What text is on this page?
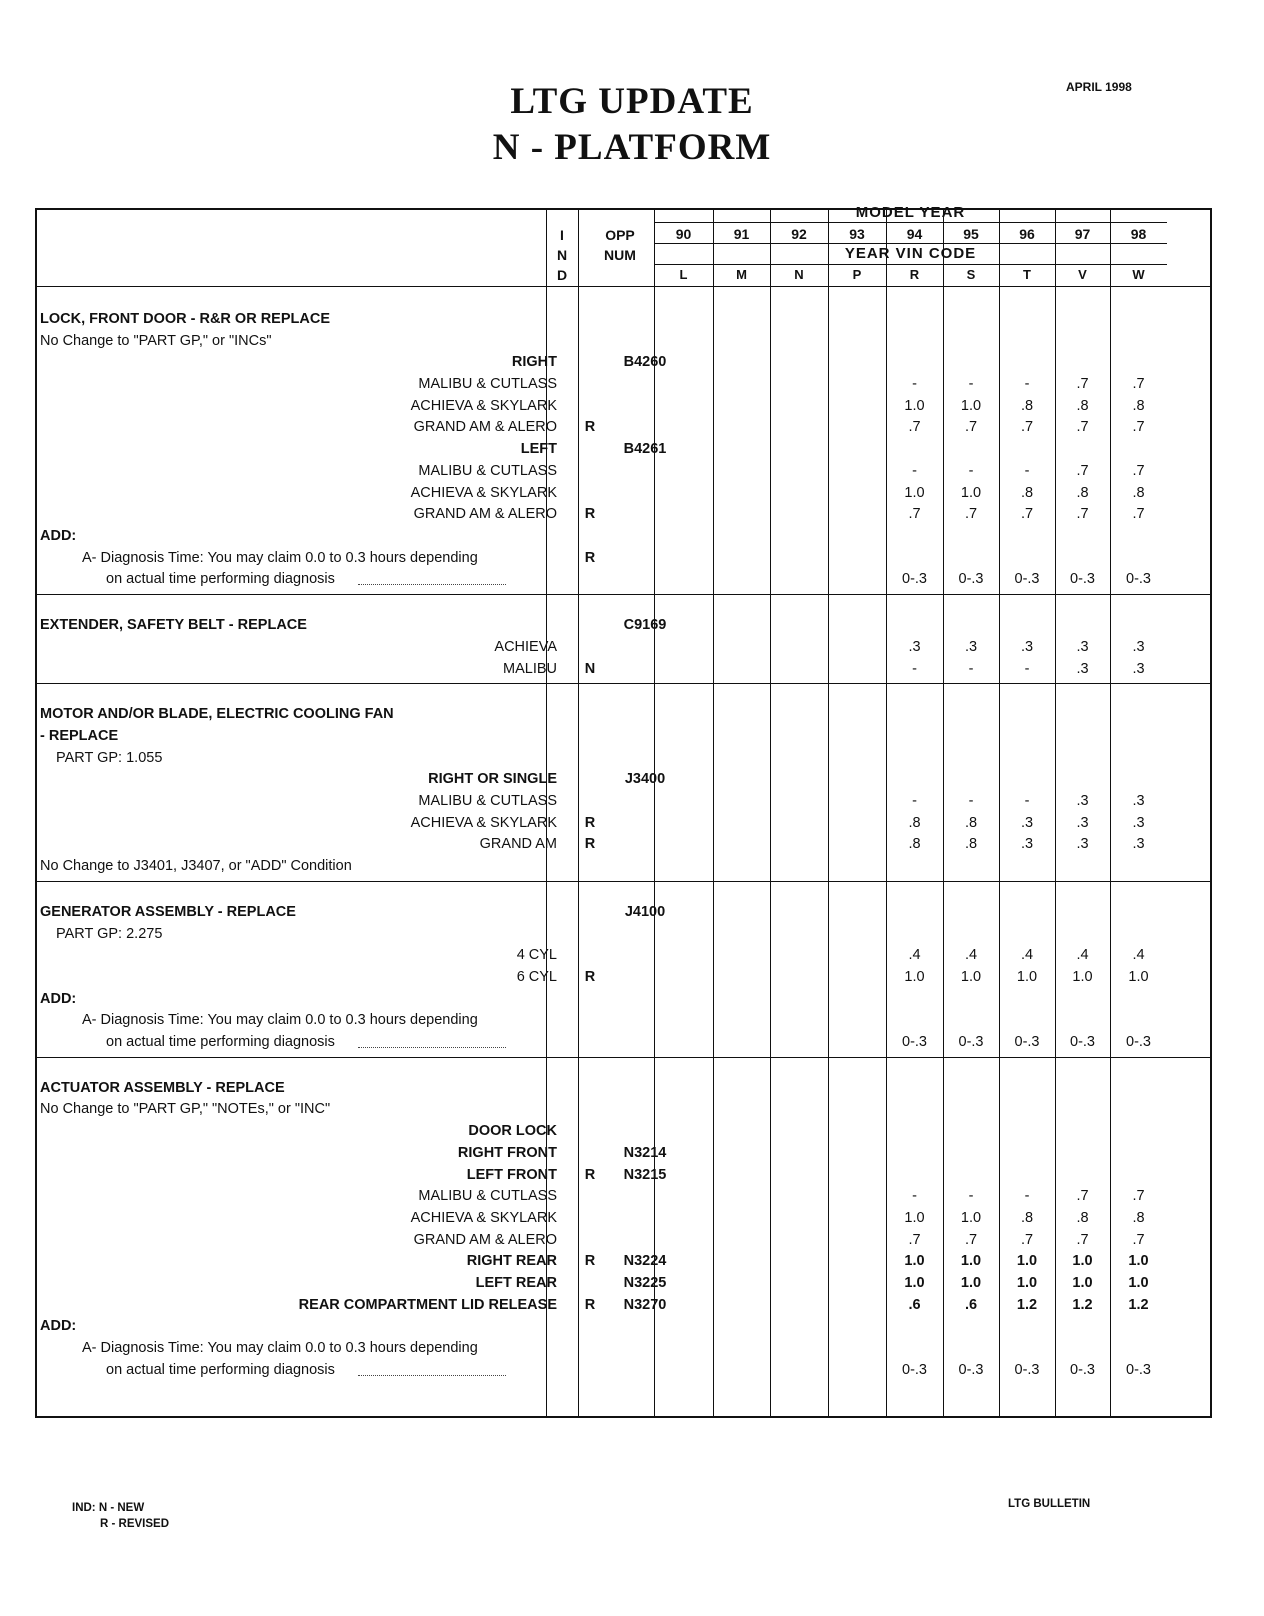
LTG UPDATE
N - PLATFORM
APRIL 1998
I
N
D
OPP
NUM
MODEL YEAR
YEAR VIN CODE
90	91	92	93	94	95	96	97	98
L	M	N	P	R	S	T	V	W
LOCK, FRONT DOOR - R&R OR REPLACE
No Change to "PART GP," or "INCs"
RIGHT	B4260
MALIBU & CUTLASS	-	-	-	.7	.7
ACHIEVA & SKYLARK	1.0	1.0	.8	.8	.8
GRAND AM & ALERO	R	.7	.7	.7	.7	.7
LEFT	B4261
MALIBU & CUTLASS	-	-	-	.7	.7
ACHIEVA & SKYLARK	1.0	1.0	.8	.8	.8
GRAND AM & ALERO	R	.7	.7	.7	.7	.7
ADD:
A- Diagnosis Time: You may claim 0.0 to 0.3 hours depending	R
on actual time performing diagnosis	0-.3	0-.3	0-.3	0-.3	0-.3
EXTENDER, SAFETY BELT - REPLACE	C9169
ACHIEVA	.3	.3	.3	.3	.3
MALIBU	N	-	-	-	.3	.3
MOTOR AND/OR BLADE, ELECTRIC COOLING FAN
- REPLACE
PART GP: 1.055
RIGHT OR SINGLE	J3400
MALIBU & CUTLASS	-	-	-	.3	.3
ACHIEVA & SKYLARK	R	.8	.8	.3	.3	.3
GRAND AM	R	.8	.8	.3	.3	.3
No Change to J3401, J3407, or "ADD" Condition
GENERATOR ASSEMBLY - REPLACE	J4100
PART GP: 2.275
4 CYL	.4	.4	.4	.4	.4
6 CYL	R	1.0	1.0	1.0	1.0	1.0
ADD:
A- Diagnosis Time: You may claim 0.0 to 0.3 hours depending
on actual time performing diagnosis	0-.3	0-.3	0-.3	0-.3	0-.3
ACTUATOR ASSEMBLY - REPLACE
No Change to "PART GP," "NOTEs," or "INC"
DOOR LOCK
RIGHT FRONT	N3214
LEFT FRONT	R	N3215
MALIBU & CUTLASS	-	-	-	.7	.7
ACHIEVA & SKYLARK	1.0	1.0	.8	.8	.8
GRAND AM & ALERO	.7	.7	.7	.7	.7
RIGHT REAR	R	N3224	1.0	1.0	1.0	1.0	1.0
LEFT REAR	N3225	1.0	1.0	1.0	1.0	1.0
REAR COMPARTMENT LID RELEASE	R	N3270	.6	.6	1.2	1.2	1.2
ADD:
A- Diagnosis Time: You may claim 0.0 to 0.3 hours depending
on actual time performing diagnosis	0-.3	0-.3	0-.3	0-.3	0-.3
IND: N - NEW
R - REVISED
LTG BULLETIN
